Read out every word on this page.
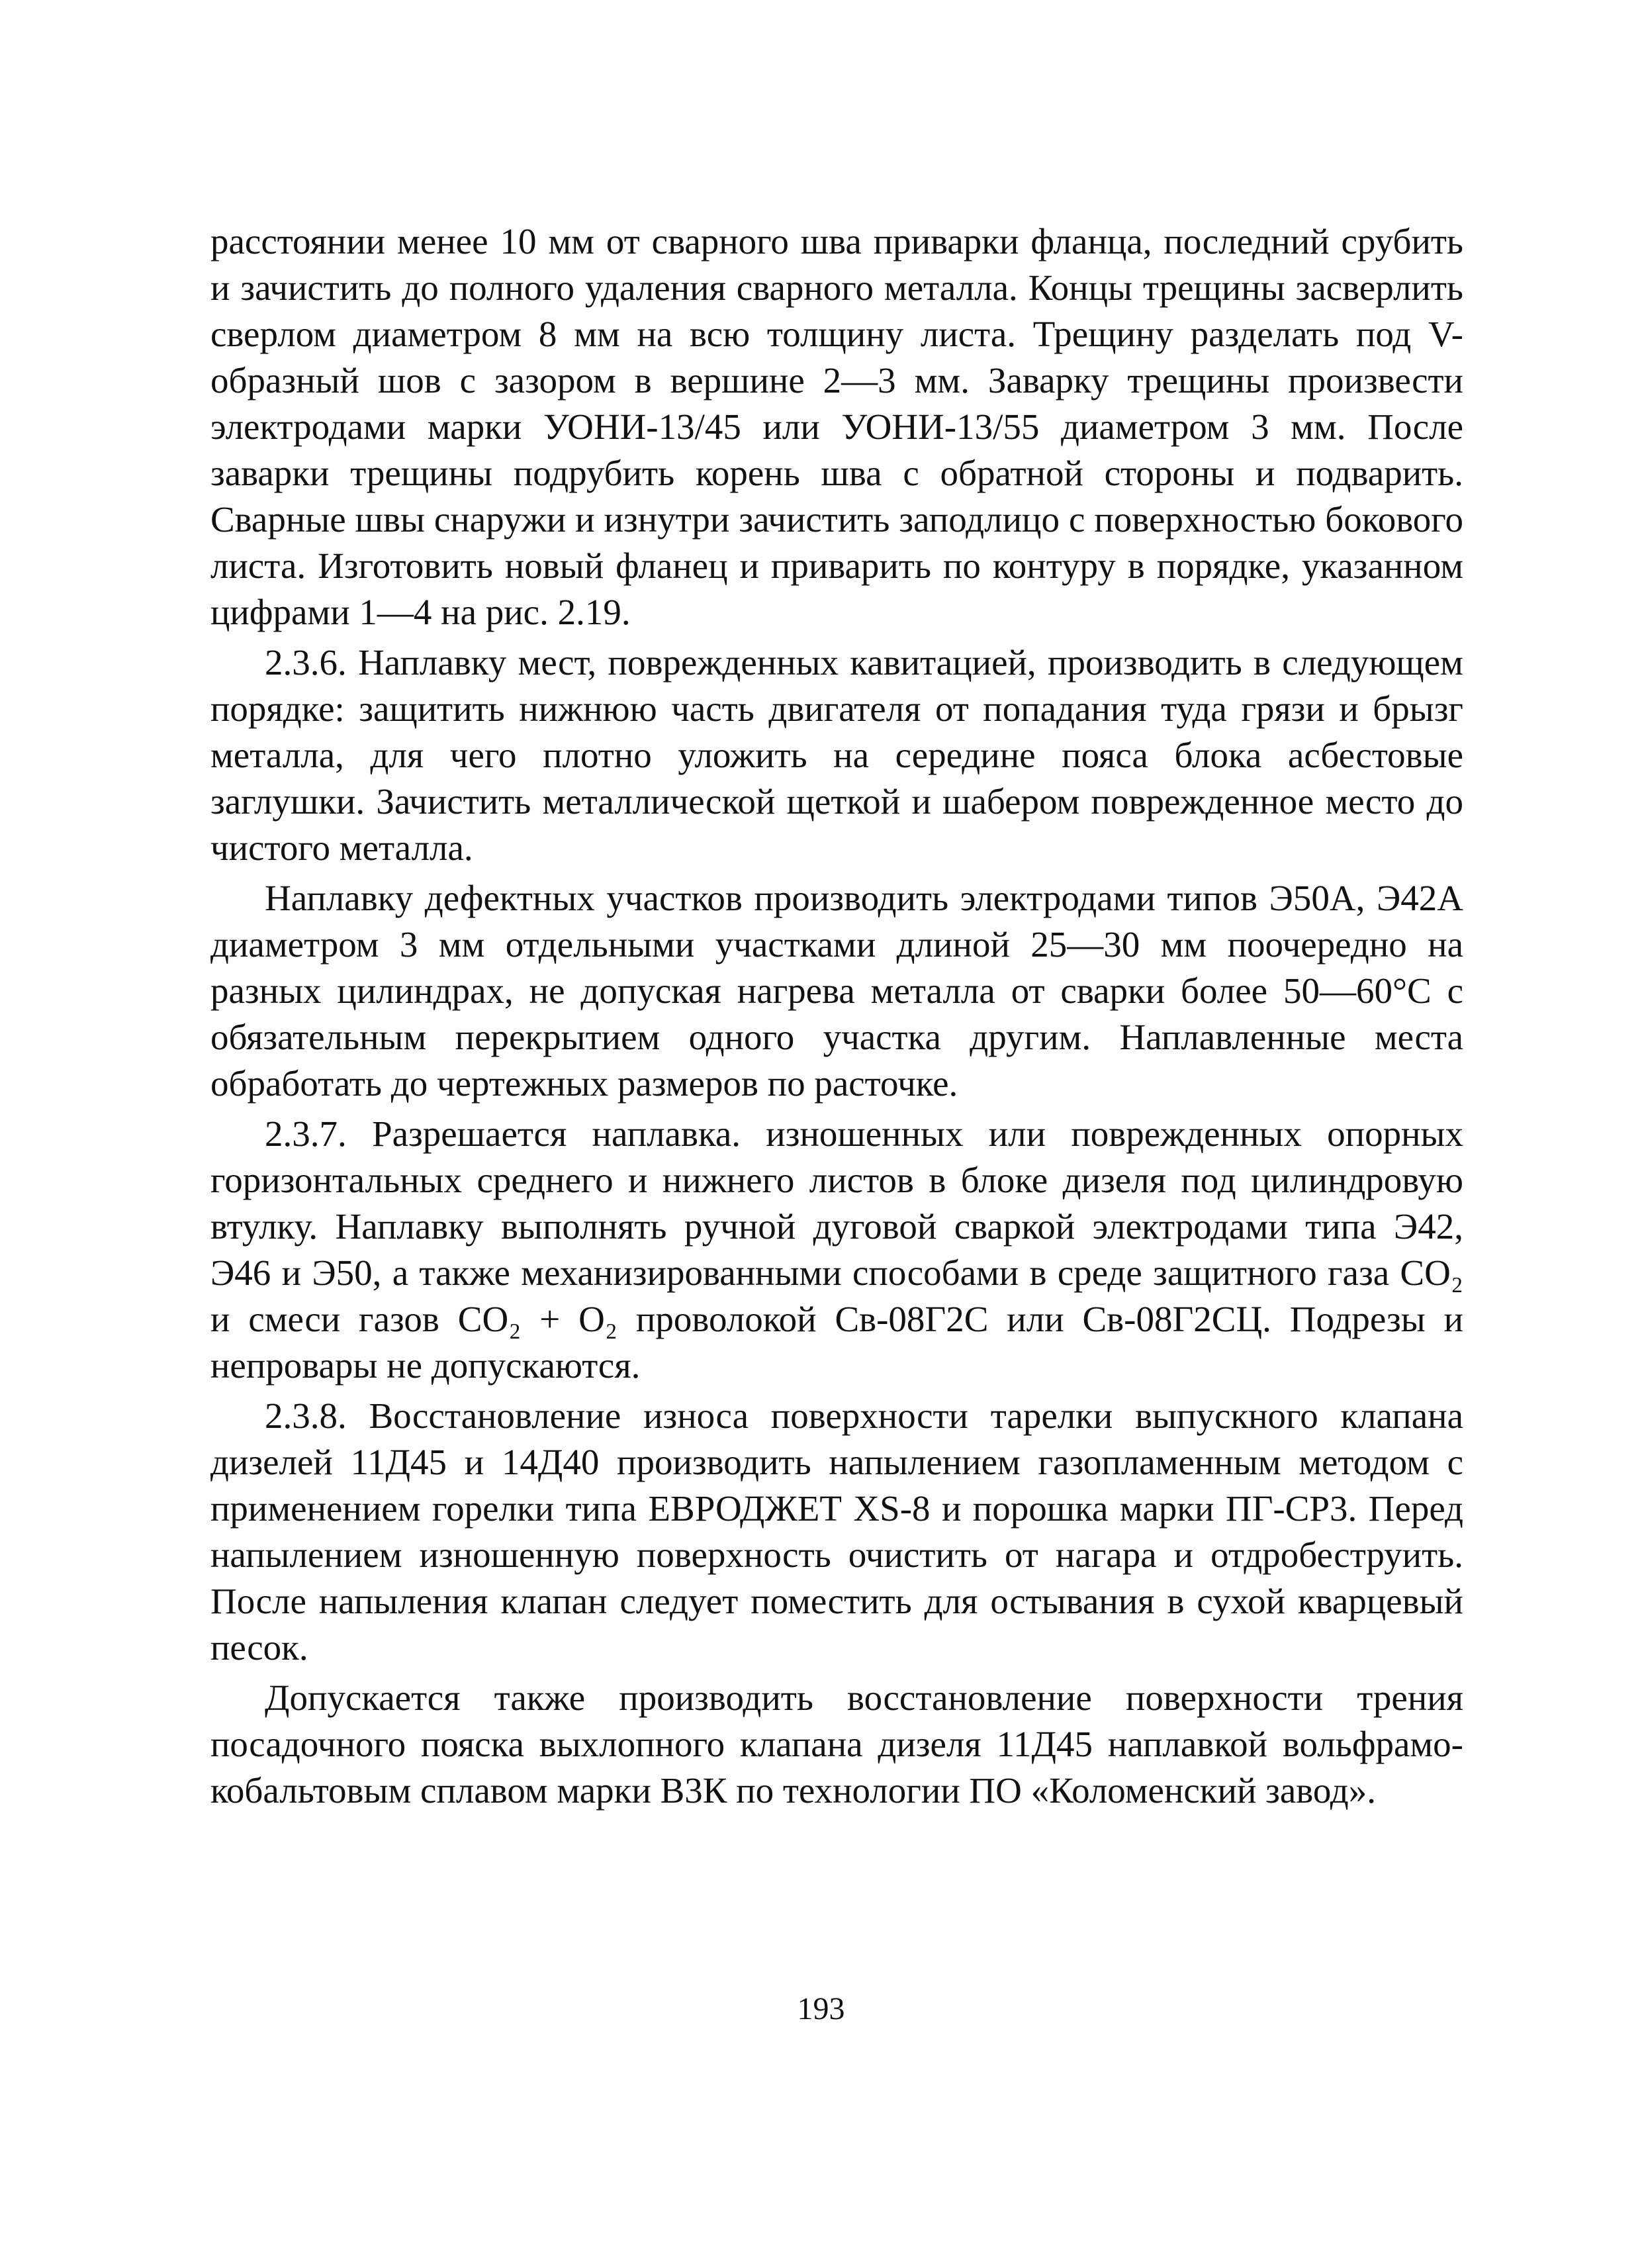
расстоянии менее 10 мм от сварного шва приварки фланца, последний срубить и зачистить до полного удаления сварного металла. Концы трещины засверлить сверлом диаметром 8 мм на всю толщину листа. Трещину разделать под V-образный шов с зазором в вершине 2—3 мм. Заварку трещины произвести электродами марки УОНИ-13/45 или УОНИ-13/55 диаметром 3 мм. После заварки трещины подрубить корень шва с обратной стороны и подварить. Сварные швы снаружи и изнутри зачистить заподлицо с поверхностью бокового листа. Изготовить новый фланец и приварить по контуру в порядке, указанном цифрами 1—4 на рис. 2.19.

2.3.6. Наплавку мест, поврежденных кавитацией, производить в следующем порядке: защитить нижнюю часть двигателя от попадания туда грязи и брызг металла, для чего плотно уложить на середине пояса блока асбестовые заглушки. Зачистить металлической щеткой и шабером поврежденное место до чистого металла.

Наплавку дефектных участков производить электродами типов Э50А, Э42А диаметром 3 мм отдельными участками длиной 25—30 мм поочередно на разных цилиндрах, не допуская нагрева металла от сварки более 50—60°С с обязательным перекрытием одного участка другим. Наплавленные места обработать до чертежных размеров по расточке.

2.3.7. Разрешается наплавка. изношенных или поврежденных опорных горизонтальных среднего и нижнего листов в блоке дизеля под цилиндровую втулку. Наплавку выполнять ручной дуговой сваркой электродами типа Э42, Э46 и Э50, а также механизированными способами в среде защитного газа CO₂ и смеси газов CO₂ + O₂ проволокой Св-08Г2С или Св-08Г2СЦ. Подрезы и непровары не допускаются.

2.3.8. Восстановление износа поверхности тарелки выпускного клапана дизелей 11Д45 и 14Д40 производить напылением газопламенным методом с применением горелки типа ЕВРОДЖЕТ XS-8 и порошка марки ПГ-СР3. Перед напылением изношенную поверхность очистить от нагара и отдробеструить. После напыления клапан следует поместить для остывания в сухой кварцевый песок.

Допускается также производить восстановление поверхности трения посадочного пояска выхлопного клапана дизеля 11Д45 наплавкой вольфрамо-кобальтовым сплавом марки В3К по технологии ПО «Коломенский завод».

193
